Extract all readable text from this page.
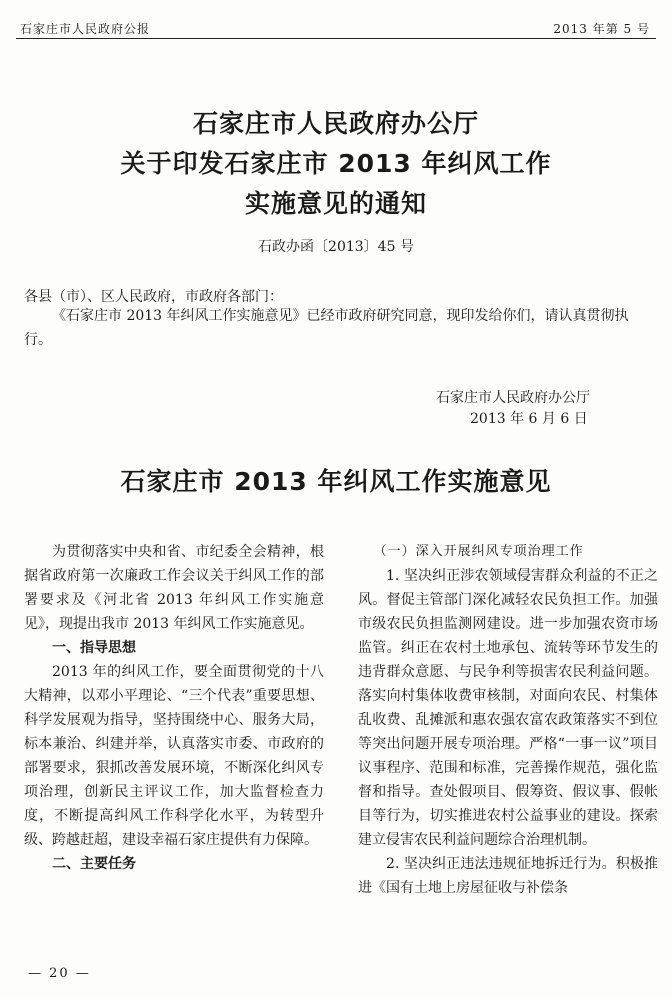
石家庄市人民政府公报	2013 年第 5 号
石家庄市人民政府办公厅
关于印发石家庄市 2013 年纠风工作
实施意见的通知
石政办函〔2013〕45 号
各县（市）、区人民政府，市政府各部门：
《石家庄市 2013 年纠风工作实施意见》已经市政府研究同意，现印发给你们，请认真贯彻执行。
石家庄市人民政府办公厅
2013 年 6 月 6 日
石家庄市 2013 年纠风工作实施意见

为贯彻落实中央和省、市纪委全会精神，根据省政府第一次廉政工作会议关于纠风工作的部署要求及《河北省 2013 年纠风工作实施意见》，现提出我市 2013 年纠风工作实施意见。

一、指导思想

2013 年的纠风工作，要全面贯彻党的十八大精神，以邓小平理论、“三个代表”重要思想、科学发展观为指导，坚持围绕中心、服务大局，标本兼治、纠建并举，认真落实市委、市政府的部署要求，狠抓改善发展环境，不断深化纠风专项治理，创新民主评议工作，加大监督检查力度，不断提高纠风工作科学化水平，为转型升级、跨越赶超，建设幸福石家庄提供有力保障。

二、主要任务

（一）深入开展纠风专项治理工作

1. 坚决纠正涉农领域侵害群众利益的不正之风。督促主管部门深化减轻农民负担工作。加强市级农民负担监测网建设。进一步加强农资市场监管。纠正在农村土地承包、流转等环节发生的违背群众意愿、与民争利等损害农民利益问题。落实向村集体收费审核制，对面向农民、村集体乱收费、乱摊派和惠农强农富农政策落实不到位等突出问题开展专项治理。严格“一事一议”项目议事程序、范围和标准，完善操作规范，强化监督和指导。查处假项目、假筹资、假议事、假帐目等行为，切实推进农村公益事业的建设。探索建立侵害农民利益问题综合治理机制。

2. 坚决纠正违法违规征地拆迁行为。积极推进《国有土地上房屋征收与补偿条

— 20 —
